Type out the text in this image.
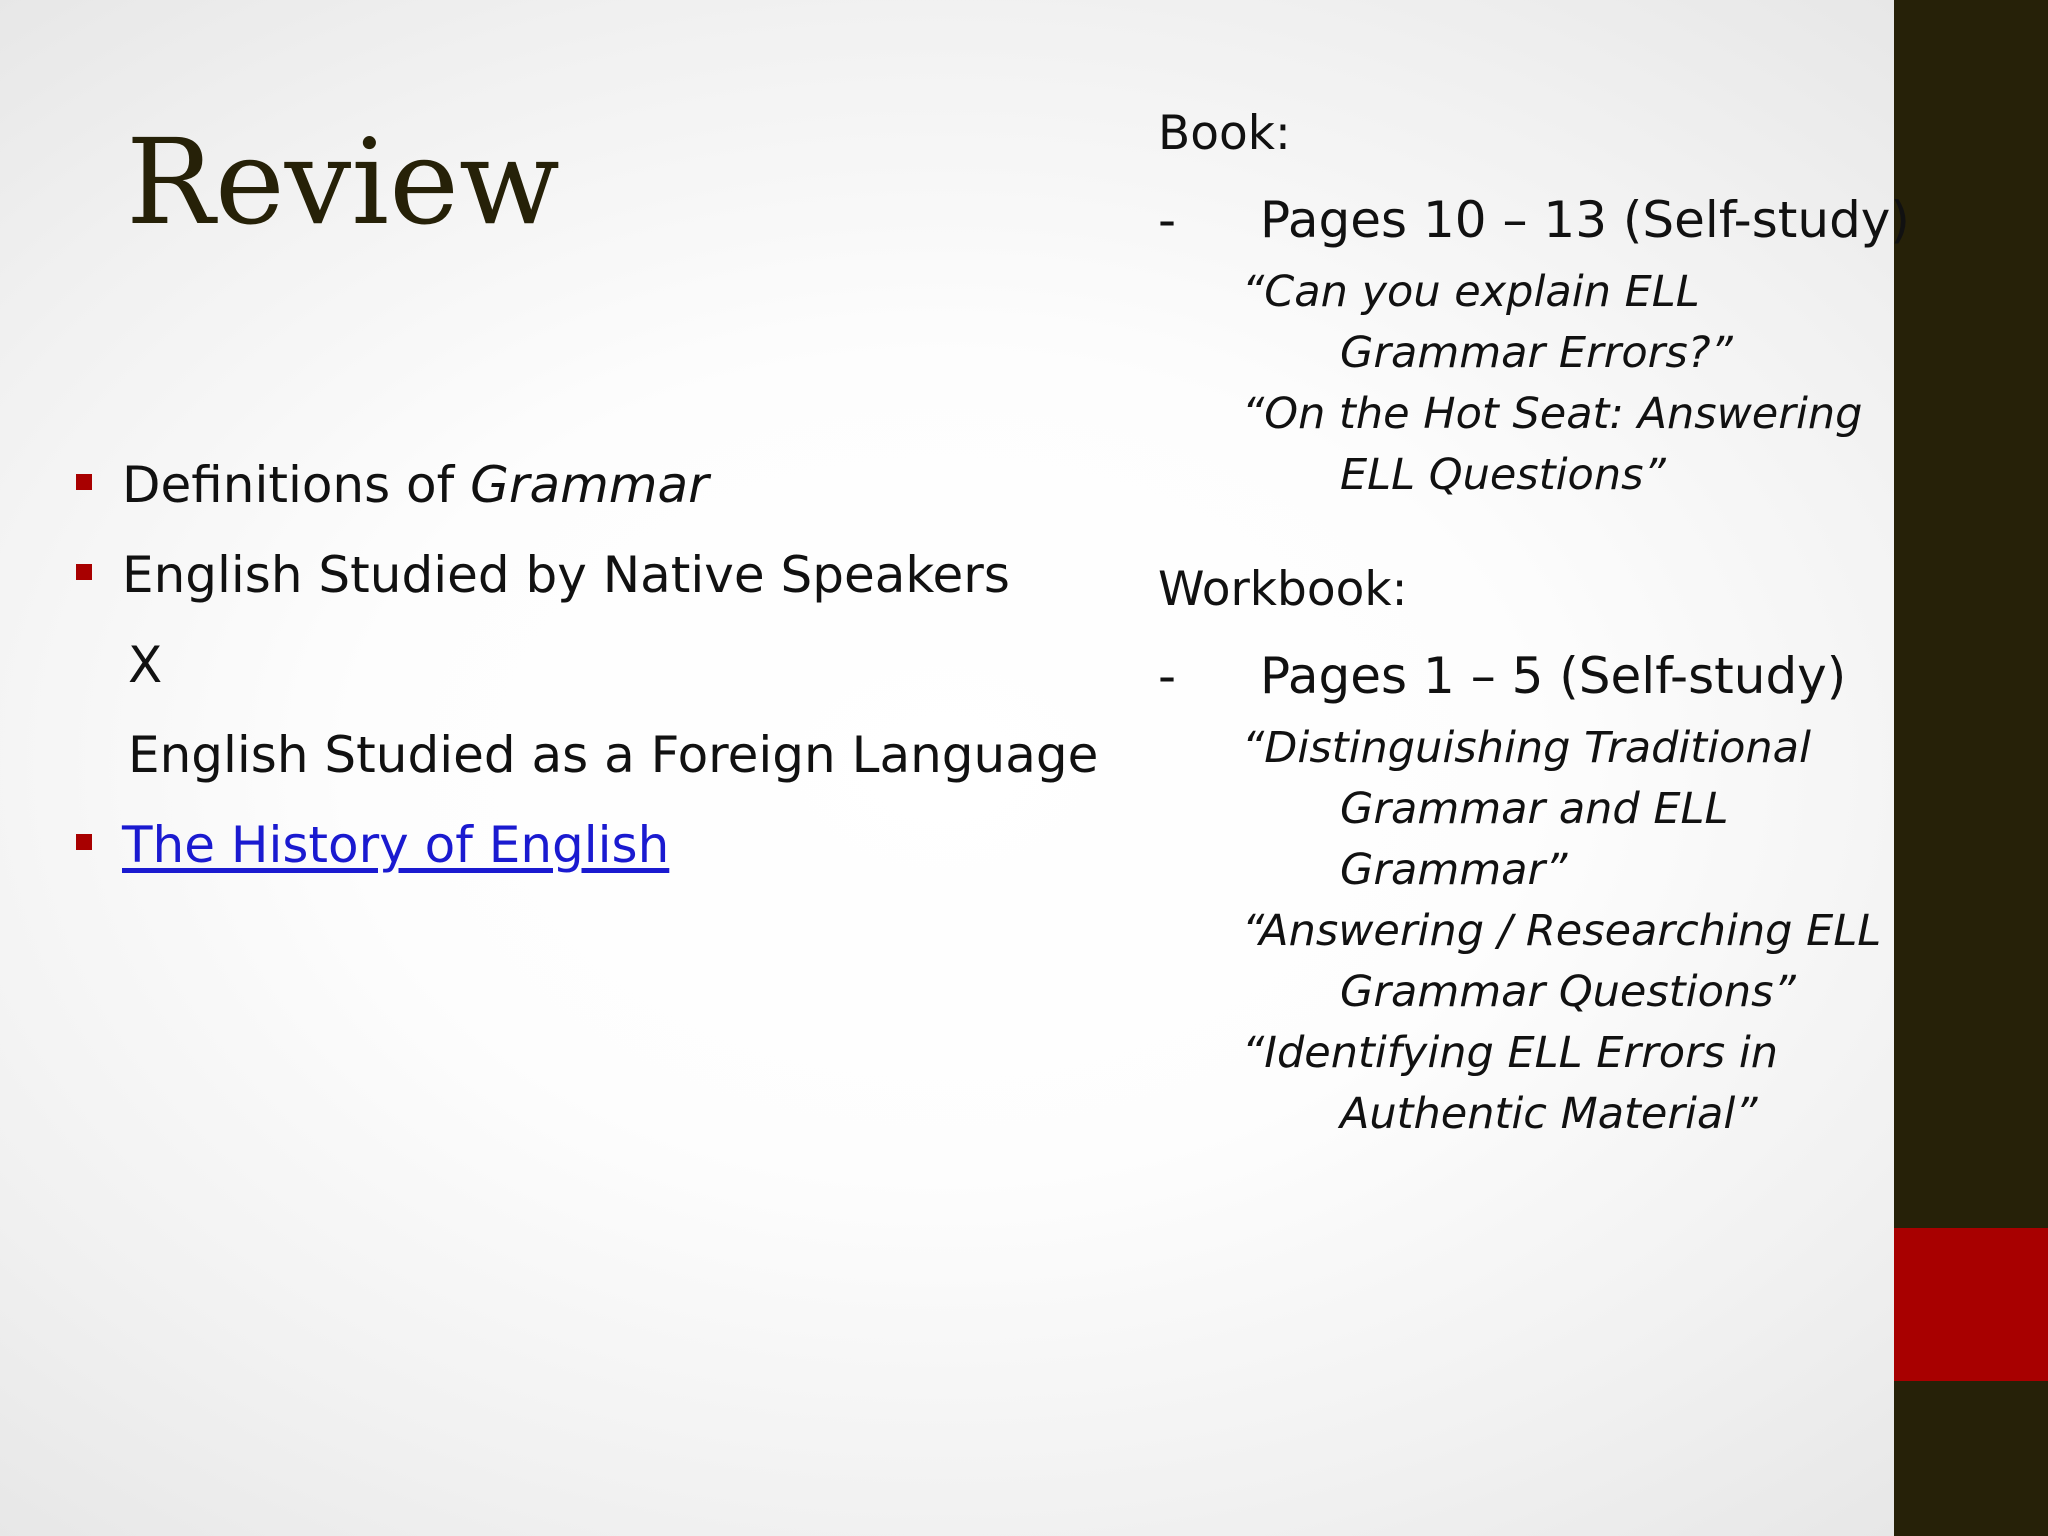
Review
Definitions of Grammar
English Studied by Native Speakers
X
English Studied as a Foreign Language
The History of English
Book:
- Pages 10 – 13 (Self-study)
“Can you explain ELL
Grammar Errors?”
“On the Hot Seat: Answering
ELL Questions”
Workbook:
- Pages 1 – 5 (Self-study)
“Distinguishing Traditional
Grammar and ELL
Grammar”
“Answering / Researching ELL
Grammar Questions”
“Identifying ELL Errors in
Authentic Material”
